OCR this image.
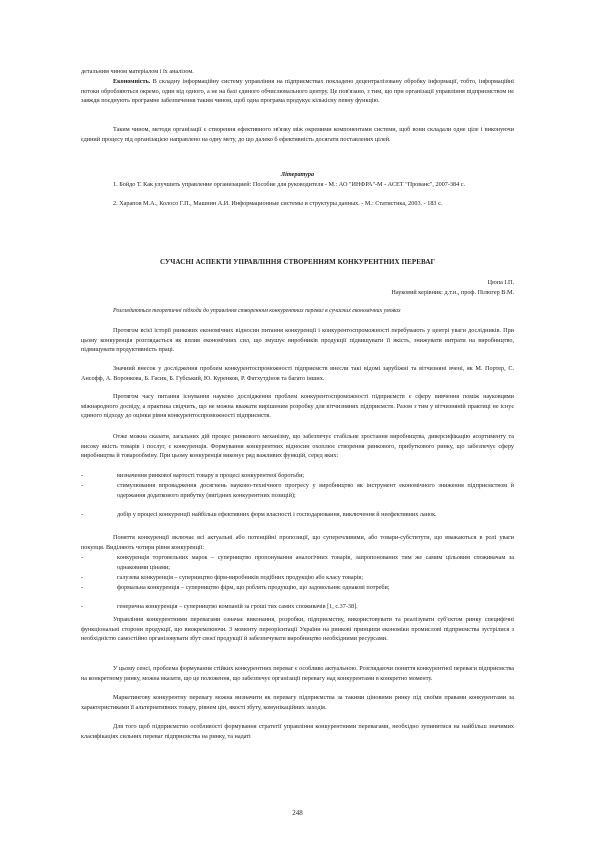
детальним чином матеріалом і їх аналізом.

Економність. В складну інформаційну систему управління на підприємствах покладено децентралізовану обробку інформації, тобто, інформаційні потоки обробляються окремо, один від одного, а не на базі єдиного обчислювального центру. Це пов'язано, з тим, що при організації управління підприємством не завжди поєднують програмне забезпечення таким чином, щоб одна програма продукує кількісну певну функцію.

Таким чином, методи організації є створення ефективного зв'язку між окремими компонентами системи, щоб вони складали одне ціле і виконуючи єдиний процесу під організацією направлено на одну мету, до що далеко б ефективність досягати поставлених цілей.

Література

1. Бойдо Т. Как улучшить управление организацией: Пособие для руководителя - М.: АО "ИНФРА"-М - АСЕТ "Прованс", 2007-384 с.

2. Харапов М.А., Колосо Г.П., Машнин А.И. Информационные системы и структуры данных. - М.: Статистика, 2003. - 183 с.

СУЧАСНІ АСПЕКТИ УПРАВЛІННЯ СТВОРЕННЯМ КОНКУРЕНТНИХ ПЕРЕВАГ

Цюпа І.П.

Науковий керівник: д.т.н., проф. Пілюгер В.М.

Розглядаються теоретичні підходи до управління створенням конкурентних переваг в сучасних економічних умовах

Протягом всієї історії ринкових економічних відносин питання конкуренції і конкурентоспроможності перебувають у центрі уваги дослідників. При цьому конкуренція розглядається як вплив економічних сил, що змушує виробників продукції підвищувати її якість, знижувати витрати на виробництво, підвищувати продуктивність праці.

Значний внесок у дослідження проблем конкурентоспроможності підприємств внесли такі відомі зарубіжні та вітчизняні вчені, як М. Портер, С. Ансофф, А. Воронкова, Б. Гасик, Б. Губський, Ю. Куренков, Р. Фатхутдінов та багато інших.

Протягом часу питання існування науково дослідження проблем конкурентоспроможності підприємств є сферу вивчення поміж науковцями міжнародного досвіду, а практика свідчить, що не можна вважати вирішеним розробку для вітчизняних підприємств. Разом з тим у вітчизняній практиці не існує єдиного підходу до оцінки рівня конкурентоспроможності підприємств.

Отже можна сказати, загальних дій процес ринкового механізму, що забезпечує стабільне зростання виробництва, диверсифікацію асортименту та високу якість товарів і послуг, є конкуренція. Формування конкурентних відносин охоплює створення ринкового, прибуткового ринку, що забезпечує сферу виробництва й товарообміну. При цьому конкуренція виконує ряд важливих функцій, серед яких:

-	визначення ринкової вартості товару в процесі конкурентної боротьби;

-	стимулювання впровадження досягнень науково-технічного прогресу у виробництво як інструмент економічного зниження підприємством й одержання додаткового прибутку (вигідних конкурентних позицій);

-	добір у процесі конкуренції найбільш ефективних форм власності і господарювання, виключення й неефективних ланок.

Поняття конкуренції включає всі актуальні або потенційні пропозиції, що суперечливими, або товари-субститути, що вважаються в ролі уваги покупця. Виділяють чотири рівня конкуренції:

-	конкуренція торговельних марок – суперництво пропонування аналогічних товарів, запропонованих тим же самим цільовим споживачам за однаковими цінами;

-	галузева конкуренція – суперництво фірм-виробників подібних продукцію або класу товарів;

-	формальна конкуренція – суперництво фірм, що роблять продукцію, що задовольняє однакові потреби;

-	генерична конкуренція – суперництво компаній за гроші тих самих споживачів [1, с.37-38].

Управління конкурентними перевагами означає виконання, розробки, підприємству, використовувати та реалізувати суб'єктом ринку специфічні функціональні сторони продукції, що виокремлюючи. З моменту переорієнтації України на ринкові принципи економіки промислові підприємства зустрілися з необхідністю самостійно організовувати збут своєї продукції й забезпечувати виробництво необхідними ресурсами.

У цьому сенсі, проблема формування стійких конкурентних переваг є особливо актуальною. Розглядаючи поняття конкурентної переваги підприємства на конкретному ринку, можна вказати, що це положення, що забезпечує організації перевагу над конкурентами в конкретно моменту.

Маркетингову конкурентну перевагу можна визначити як перевагу підприємства за такими ціновими ринку під своїми правами конкурентами за характеристиками її альтернативних товару, рівнем цін, якості збуту, комунікаційних заходів.

Для того щоб підприємство особливості формування стратегії управління конкурентними перевагами, необхідно зупинитися на найбільш значимих класифікаціях сильних переваг підприємства на ринку, та надаті

248
